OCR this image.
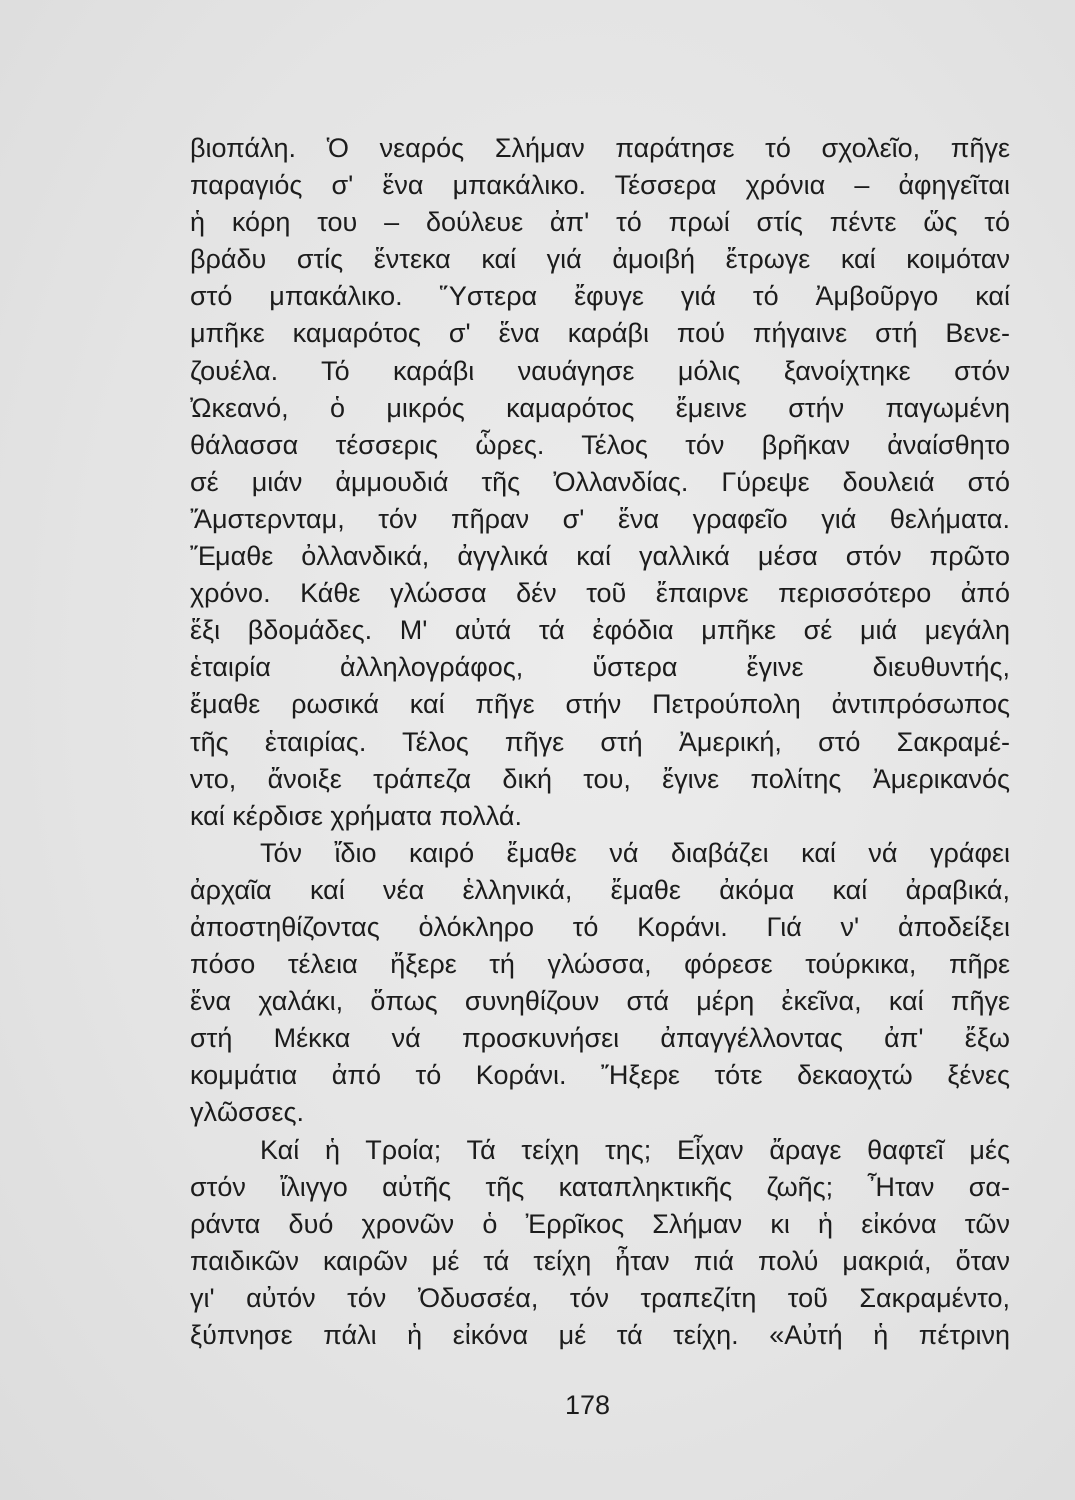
βιοπάλη. Ὁ νεαρός Σλήμαν παράτησε τό σχολεῖο, πῆγε
παραγιός σ' ἕνα μπακάλικο. Τέσσερα χρόνια – ἀφηγεῖται
ἡ κόρη του – δούλευε ἀπ' τό πρωί στίς πέντε ὥς τό
βράδυ στίς ἕντεκα καί γιά ἀμοιβή ἔτρωγε καί κοιμόταν
στό μπακάλικο. Ὕστερα ἔφυγε γιά τό Ἀμβοῦργο καί
μπῆκε καμαρότος σ' ἕνα καράβι πού πήγαινε στή Βενε-
ζουέλα. Τό καράβι ναυάγησε μόλις ξανοίχτηκε στόν
Ὠκεανό, ὁ μικρός καμαρότος ἔμεινε στήν παγωμένη
θάλασσα τέσσερις ὧρες. Τέλος τόν βρῆκαν ἀναίσθητο
σέ μιάν ἀμμουδιά τῆς Ὀλλανδίας. Γύρεψε δουλειά στό
Ἄμστερνταμ, τόν πῆραν σ' ἕνα γραφεῖο γιά θελήματα.
Ἔμαθε ὀλλανδικά, ἀγγλικά καί γαλλικά μέσα στόν πρῶτο
χρόνο. Κάθε γλώσσα δέν τοῦ ἔπαιρνε περισσότερο ἀπό
ἕξι βδομάδες. Μ' αὐτά τά ἐφόδια μπῆκε σέ μιά μεγάλη
ἑταιρία ἀλληλογράφος, ὕστερα ἔγινε διευθυντής,
ἔμαθε ρωσικά καί πῆγε στήν Πετρούπολη ἀντιπρόσωπος
τῆς ἑταιρίας. Τέλος πῆγε στή Ἀμερική, στό Σακραμέ-
ντο, ἄνοιξε τράπεζα δική του, ἔγινε πολίτης Ἀμερικανός
καί κέρδισε χρήματα πολλά.
Τόν ἴδιο καιρό ἔμαθε νά διαβάζει καί νά γράφει
ἀρχαῖα καί νέα ἑλληνικά, ἔμαθε ἀκόμα καί ἀραβικά,
ἀποστηθίζοντας ὁλόκληρο τό Κοράνι. Γιά ν' ἀποδείξει
πόσο τέλεια ἤξερε τή γλώσσα, φόρεσε τούρκικα, πῆρε
ἕνα χαλάκι, ὅπως συνηθίζουν στά μέρη ἐκεῖνα, καί πῆγε
στή Μέκκα νά προσκυνήσει ἀπαγγέλλοντας ἀπ' ἔξω
κομμάτια ἀπό τό Κοράνι. Ἤξερε τότε δεκαοχτώ ξένες
γλῶσσες.
Καί ἡ Τροία; Τά τείχη της; Εἶχαν ἄραγε θαφτεῖ μές
στόν ἴλιγγο αὐτῆς τῆς καταπληκτικῆς ζωῆς; Ἦταν σα-
ράντα δυό χρονῶν ὁ Ἐρρῖκος Σλήμαν κι ἡ εἰκόνα τῶν
παιδικῶν καιρῶν μέ τά τείχη ἦταν πιά πολύ μακριά, ὅταν
γι' αὐτόν τόν Ὀδυσσέα, τόν τραπεζίτη τοῦ Σακραμέντο,
ξύπνησε πάλι ἡ εἰκόνα μέ τά τείχη. «Αὐτή ἡ πέτρινη
178
